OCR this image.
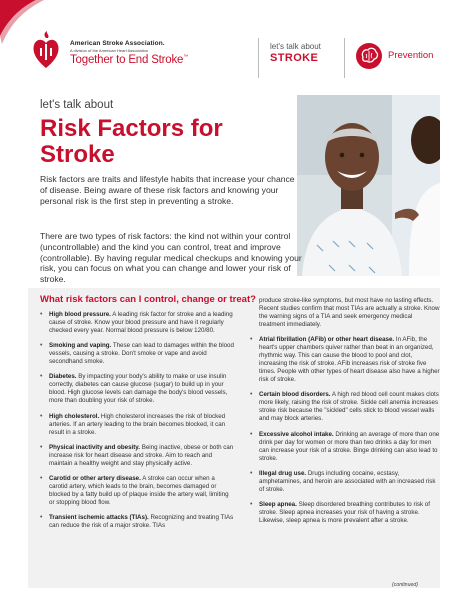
American Stroke Association.
A division of the American Heart Association
Together to End Stroke™
let's talk about
STROKE	Prevention
let's talk about
Risk Factors for Stroke
Risk factors are traits and lifestyle habits that increase your chance of disease. Being aware of these risk factors and knowing your personal risk is the first step in preventing a stroke.
There are two types of risk factors: the kind not within your control (uncontrollable) and the kind you can control, treat and improve (controllable). By having regular medical checkups and knowing your risk, you can focus on what you can change and lower your risk of stroke.
What risk factors can I control, change or treat?
• High blood pressure. A leading risk factor for stroke and a leading cause of stroke. Know your blood pressure and have it regularly checked every year. Normal blood pressure is below 120/80.
• Smoking and vaping. These can lead to damages within the blood vessels, causing a stroke. Don't smoke or vape and avoid secondhand smoke.
• Diabetes. By impacting your body's ability to make or use insulin correctly, diabetes can cause glucose (sugar) to build up in your blood. High glucose levels can damage the body's blood vessels, more than doubling your risk of stroke.
• High cholesterol. High cholesterol increases the risk of blocked arteries. If an artery leading to the brain becomes blocked, it can result in a stroke.
• Physical inactivity and obesity. Being inactive, obese or both can increase risk for heart disease and stroke. Aim to reach and maintain a healthy weight and stay physically active.
• Carotid or other artery disease. A stroke can occur when a carotid artery, which leads to the brain, becomes damaged or blocked by a fatty build up of plaque inside the artery wall, limiting or stopping blood flow.
• Transient ischemic attacks (TIAs). Recognizing and treating TIAs can reduce the risk of a major stroke. TIAs
produce stroke-like symptoms, but most have no lasting effects. Recent studies confirm that most TIAs are actually a stroke. Know the warning signs of a TIA and seek emergency medical treatment immediately.
• Atrial fibrillation (AFib) or other heart disease. In AFib, the heart's upper chambers quiver rather than beat in an organized, rhythmic way. This can cause the blood to pool and clot, increasing the risk of stroke. AFib increases risk of stroke five times. People with other types of heart disease also have a higher risk of stroke.
• Certain blood disorders. A high red blood cell count makes clots more likely, raising the risk of stroke. Sickle cell anemia increases stroke risk because the "sickled" cells stick to blood vessel walls and may block arteries.
• Excessive alcohol intake. Drinking an average of more than one drink per day for women or more than two drinks a day for men can increase your risk of a stroke. Binge drinking can also lead to stroke.
• Illegal drug use. Drugs including cocaine, ecstasy, amphetamines, and heroin are associated with an increased risk of stroke.
• Sleep apnea. Sleep disordered breathing contributes to risk of stroke. Sleep apnea increases your risk of having a stroke. Likewise, sleep apnea is more prevalent after a stroke.
(continued)
